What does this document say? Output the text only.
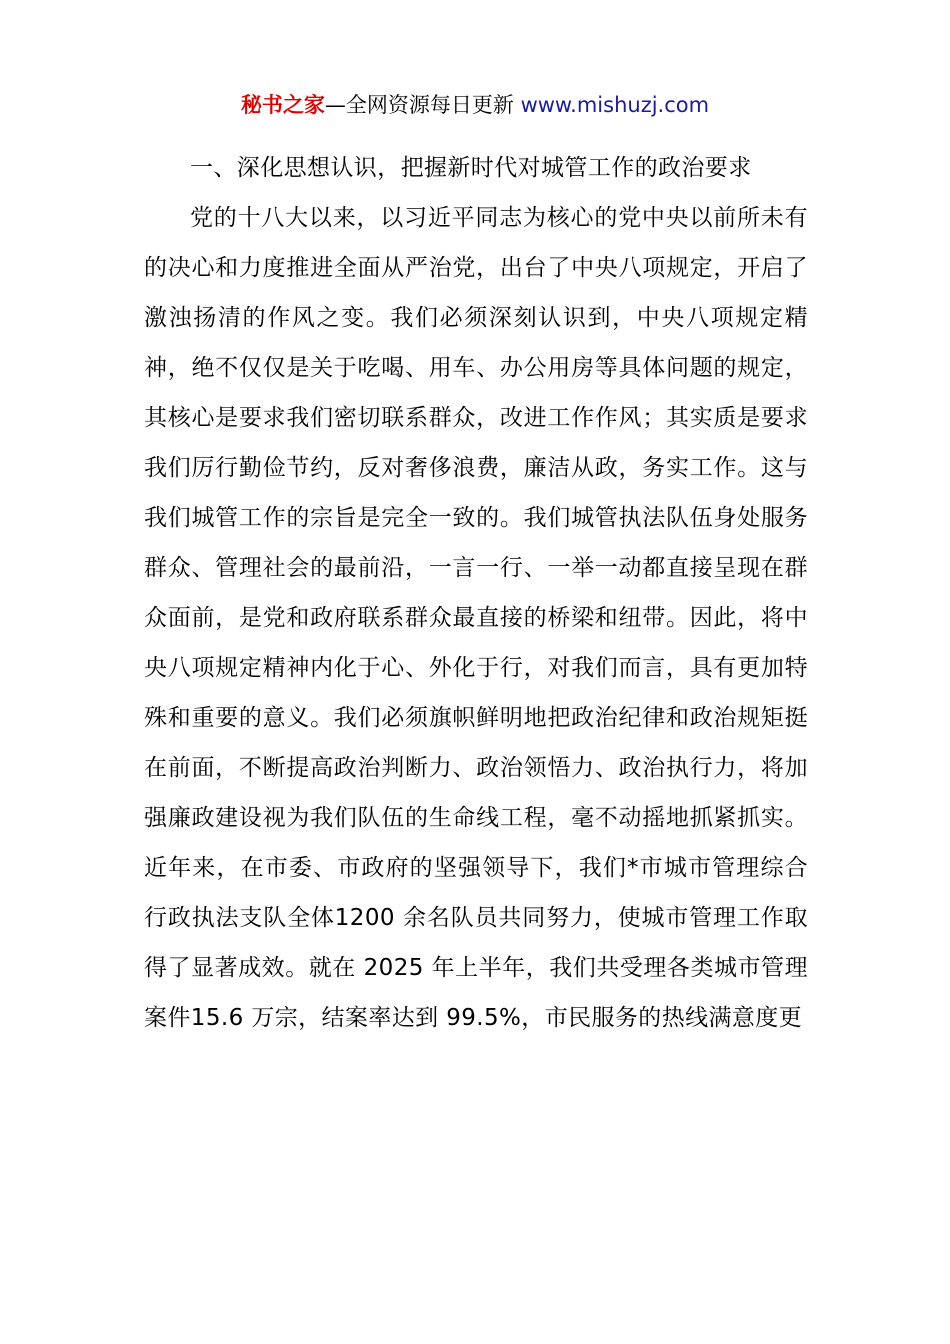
秘书之家—全网资源每日更新 www.mishuzj.com

一、深化思想认识，把握新时代对城管工作的政治要求

党的十八大以来，以习近平同志为核心的党中央以前所未有的决心和力度推进全面从严治党，出台了中央八项规定，开启了激浊扬清的作风之变。我们必须深刻认识到，中央八项规定精神，绝不仅仅是关于吃喝、用车、办公用房等具体问题的规定，其核心是要求我们密切联系群众，改进工作作风；其实质是要求我们厉行勤俭节约，反对奢侈浪费，廉洁从政，务实工作。这与我们城管工作的宗旨是完全一致的。我们城管执法队伍身处服务群众、管理社会的最前沿，一言一行、一举一动都直接呈现在群众面前，是党和政府联系群众最直接的桥梁和纽带。因此，将中央八项规定精神内化于心、外化于行，对我们而言，具有更加特殊和重要的意义。我们必须旗帜鲜明地把政治纪律和政治规矩挺在前面，不断提高政治判断力、政治领悟力、政治执行力，将加强廉政建设视为我们队伍的生命线工程，毫不动摇地抓紧抓实。近年来，在市委、市政府的坚强领导下，我们*市城市管理综合行政执法支队全体1200 余名队员共同努力，使城市管理工作取得了显著成效。就在 2025 年上半年，我们共受理各类城市管理案件15.6 万宗，结案率达到 99.5%，市民服务的热线满意度更
